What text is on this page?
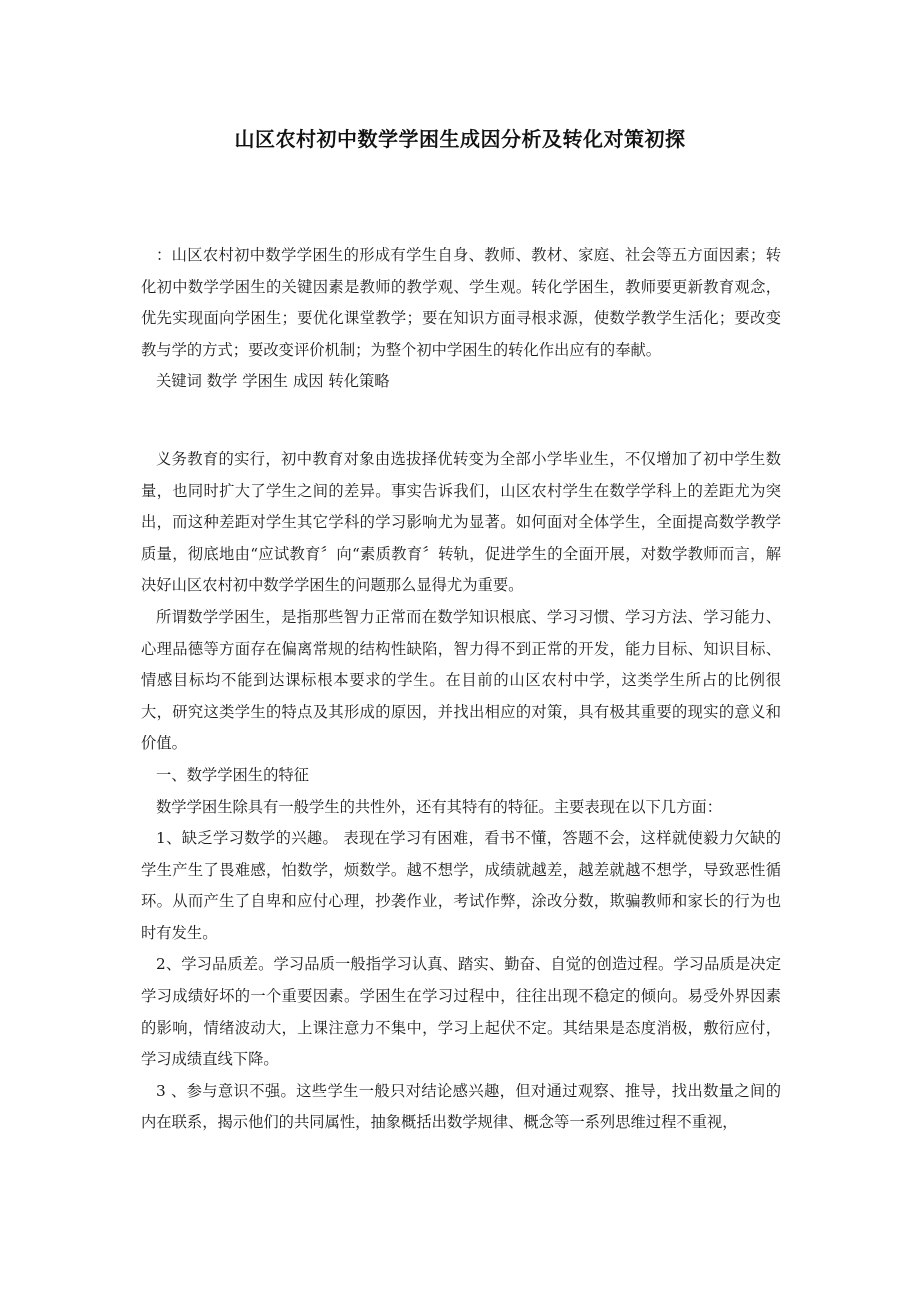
山区农村初中数学学困生成因分析及转化对策初探

：山区农村初中数学学困生的形成有学生自身、教师、教材、家庭、社会等五方面因素；转化初中数学学困生的关键因素是教师的教学观、学生观。转化学困生，教师要更新教育观念，优先实现面向学困生；要优化课堂教学；要在知识方面寻根求源，使数学教学生活化；要改变教与学的方式；要改变评价机制；为整个初中学困生的转化作出应有的奉献。

关键词 数学 学困生 成因 转化策略

义务教育的实行，初中教育对象由选拔择优转变为全部小学毕业生，不仅增加了初中学生数量，也同时扩大了学生之间的差异。事实告诉我们，山区农村学生在数学学科上的差距尤为突出，而这种差距对学生其它学科的学习影响尤为显著。如何面对全体学生，全面提高数学教学质量，彻底地由“应试教育〞向“素质教育〞转轨，促进学生的全面开展，对数学教师而言，解决好山区农村初中数学学困生的问题那么显得尤为重要。

所谓数学学困生，是指那些智力正常而在数学知识根底、学习习惯、学习方法、学习能力、心理品德等方面存在偏离常规的结构性缺陷，智力得不到正常的开发，能力目标、知识目标、情感目标均不能到达课标根本要求的学生。在目前的山区农村中学，这类学生所占的比例很大，研究这类学生的特点及其形成的原因，并找出相应的对策，具有极其重要的现实的意义和价值。

一、数学学困生的特征

数学学困生除具有一般学生的共性外，还有其特有的特征。主要表现在以下几方面：

1、缺乏学习数学的兴趣。 表现在学习有困难，看书不懂，答题不会，这样就使毅力欠缺的学生产生了畏难感，怕数学，烦数学。越不想学，成绩就越差，越差就越不想学，导致恶性循环。从而产生了自卑和应付心理，抄袭作业，考试作弊，涂改分数，欺骗教师和家长的行为也时有发生。

2、学习品质差。学习品质一般指学习认真、踏实、勤奋、自觉的创造过程。学习品质是决定学习成绩好坏的一个重要因素。学困生在学习过程中，往往出现不稳定的倾向。易受外界因素的影响，情绪波动大，上课注意力不集中，学习上起伏不定。其结果是态度消极，敷衍应付，学习成绩直线下降。

3 、参与意识不强。这些学生一般只对结论感兴趣，但对通过观察、推导，找出数量之间的内在联系，揭示他们的共同属性，抽象概括出数学规律、概念等一系列思维过程不重视，
